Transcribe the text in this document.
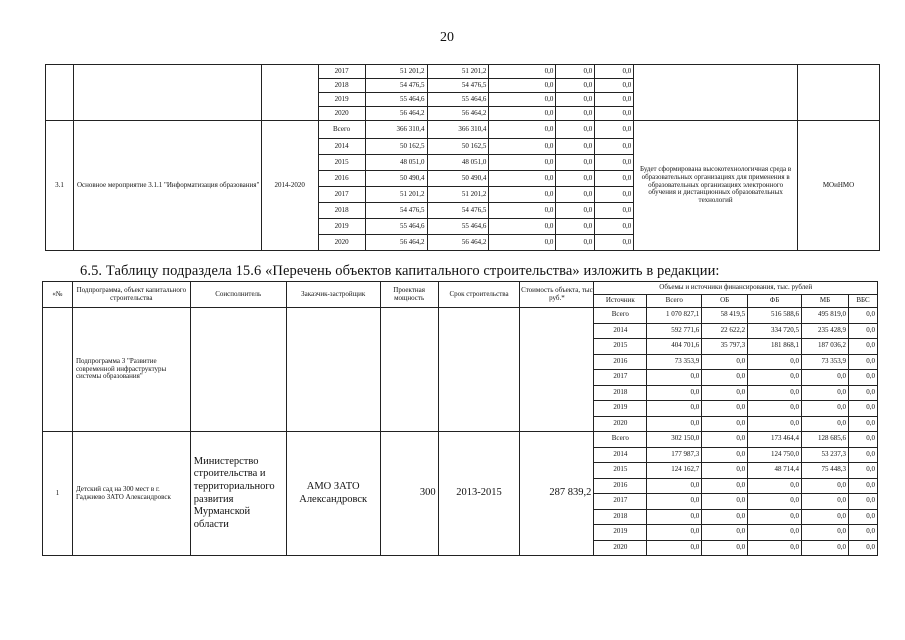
20
			2017	51 201,2	51 201,2	0,0	0,0	0,0		
			2018	54 476,5	54 476,5	0,0	0,0	0,0		
			2019	55 464,6	55 464,6	0,0	0,0	0,0		
			2020	56 464,2	56 464,2	0,0	0,0	0,0		
3.1	Основное мероприятие 3.1.1 "Информатизация образования"	2014-2020	Всего	366 310,4	366 310,4	0,0	0,0	0,0	Будет сформирована высокотехнологичная среда в образовательных организациях для применения в образовательных организациях электронного обучения и дистанционных образовательных технологий	МОиНМО
			2014	50 162,5	50 162,5	0,0	0,0	0,0		
			2015	48 051,0	48 051,0	0,0	0,0	0,0		
			2016	50 490,4	50 490,4	0,0	0,0	0,0		
			2017	51 201,2	51 201,2	0,0	0,0	0,0		
			2018	54 476,5	54 476,5	0,0	0,0	0,0		
			2019	55 464,6	55 464,6	0,0	0,0	0,0		
			2020	56 464,2	56 464,2	0,0	0,0	0,0		
6.5. Таблицу подраздела 15.6 «Перечень объектов капитального строительства» изложить в редакции:
«№	Подпрограмма, объект капитального строительства	Соисполнитель	Заказчик-застройщик	Проектная мощность	Срок строительства	Стоимость объекта, тыс руб.*	Объемы и источники финансирования, тыс. рублей					
							Источник	Всего	ОБ	ФБ	МБ	ВБС
	Подпрограмма 3 "Развитие современной инфраструктуры системы образования"						Всего	1 070 827,1	58 419,5	516 588,6	495 819,0	0,0
							2014	592 771,6	22 622,2	334 720,5	235 428,9	0,0
							2015	404 701,6	35 797,3	181 868,1	187 036,2	0,0
							2016	73 353,9	0,0	0,0	73 353,9	0,0
							2017	0,0	0,0	0,0	0,0	0,0
							2018	0,0	0,0	0,0	0,0	0,0
							2019	0,0	0,0	0,0	0,0	0,0
							2020	0,0	0,0	0,0	0,0	0,0
1	Детский сад на 300 мест в г. Гаджиево ЗАТО Александровск	Министерство строительства и территориального развития Мурманской области	АМО ЗАТО Александровск	300	2013-2015	287 839,2	Всего	302 150,0	0,0	173 464,4	128 685,6	0,0
							2014	177 987,3	0,0	124 750,0	53 237,3	0,0
							2015	124 162,7	0,0	48 714,4	75 448,3	0,0
							2016	0,0	0,0	0,0	0,0	0,0
							2017	0,0	0,0	0,0	0,0	0,0
							2018	0,0	0,0	0,0	0,0	0,0
							2019	0,0	0,0	0,0	0,0	0,0
							2020	0,0	0,0	0,0	0,0	0,0
